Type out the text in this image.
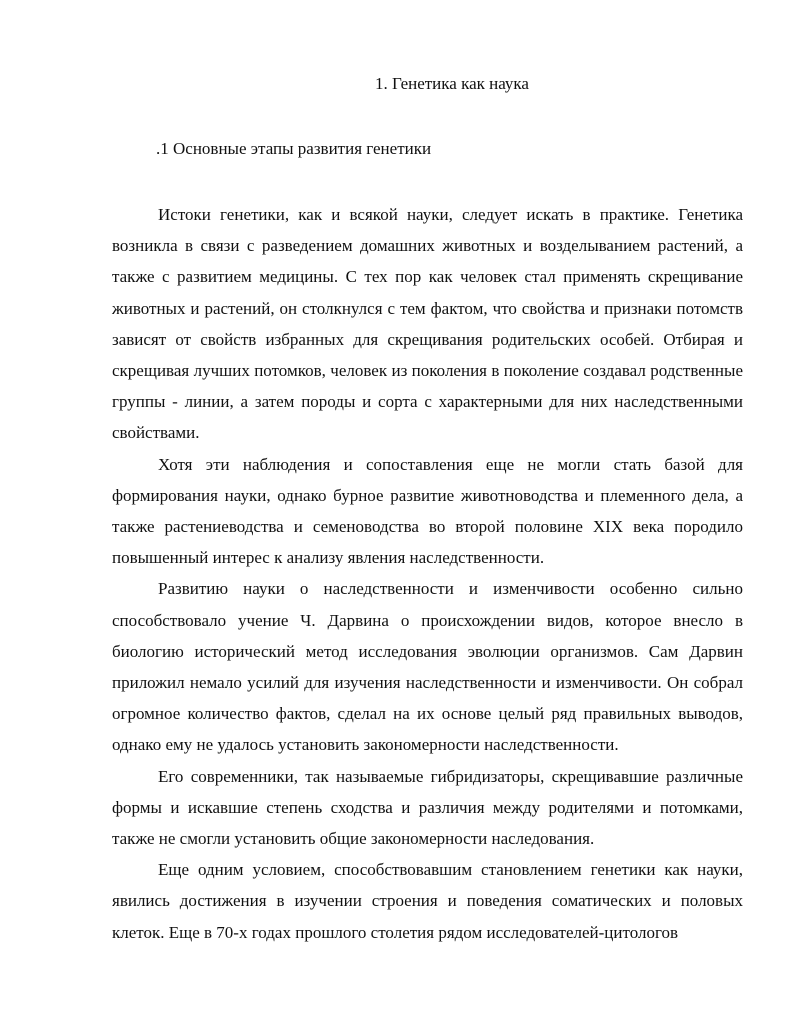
1. Генетика как наука
.1 Основные этапы развития генетики

Истоки генетики, как и всякой науки, следует искать в практике. Генетика возникла в связи с разведением домашних животных и возделыванием растений, а также с развитием медицины. С тех пор как человек стал применять скрещивание животных и растений, он столкнулся с тем фактом, что свойства и признаки потомств зависят от свойств избранных для скрещивания родительских особей. Отбирая и скрещивая лучших потомков, человек из поколения в поколение создавал родственные группы - линии, а затем породы и сорта с характерными для них наследственными свойствами.

Хотя эти наблюдения и сопоставления еще не могли стать базой для формирования науки, однако бурное развитие животноводства и племенного дела, а также растениеводства и семеноводства во второй половине XIX века породило повышенный интерес к анализу явления наследственности.

Развитию науки о наследственности и изменчивости особенно сильно способствовало учение Ч. Дарвина о происхождении видов, которое внесло в биологию исторический метод исследования эволюции организмов. Сам Дарвин приложил немало усилий для изучения наследственности и изменчивости. Он собрал огромное количество фактов, сделал на их основе целый ряд правильных выводов, однако ему не удалось установить закономерности наследственности.

Его современники, так называемые гибридизаторы, скрещивавшие различные формы и искавшие степень сходства и различия между родителями и потомками, также не смогли установить общие закономерности наследования.

Еще одним условием, способствовавшим становлением генетики как науки, явились достижения в изучении строения и поведения соматических и половых клеток. Еще в 70-х годах прошлого столетия рядом исследователей-цитологов
